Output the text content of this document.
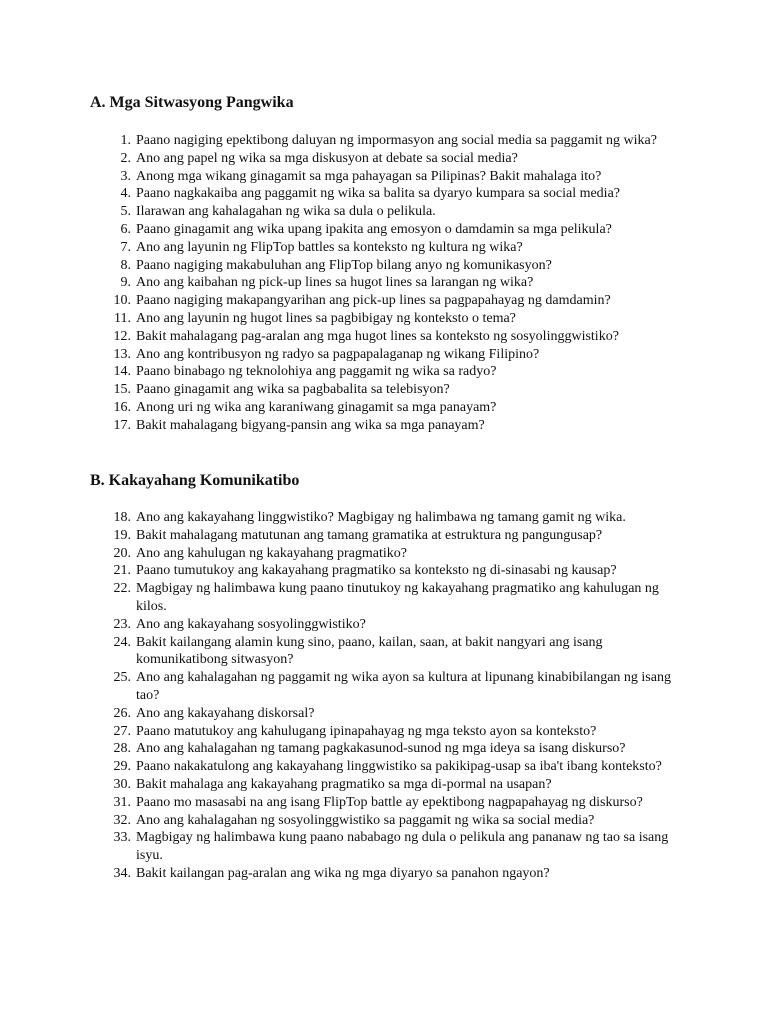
A. Mga Sitwasyong Pangwika
1. Paano nagiging epektibong daluyan ng impormasyon ang social media sa paggamit ng wika?
2. Ano ang papel ng wika sa mga diskusyon at debate sa social media?
3. Anong mga wikang ginagamit sa mga pahayagan sa Pilipinas? Bakit mahalaga ito?
4. Paano nagkakaiba ang paggamit ng wika sa balita sa dyaryo kumpara sa social media?
5. Ilarawan ang kahalagahan ng wika sa dula o pelikula.
6. Paano ginagamit ang wika upang ipakita ang emosyon o damdamin sa mga pelikula?
7. Ano ang layunin ng FlipTop battles sa konteksto ng kultura ng wika?
8. Paano nagiging makabuluhan ang FlipTop bilang anyo ng komunikasyon?
9. Ano ang kaibahan ng pick-up lines sa hugot lines sa larangan ng wika?
10. Paano nagiging makapangyarihan ang pick-up lines sa pagpapahayag ng damdamin?
11. Ano ang layunin ng hugot lines sa pagbibigay ng konteksto o tema?
12. Bakit mahalagang pag-aralan ang mga hugot lines sa konteksto ng sosyolinggwistiko?
13. Ano ang kontribusyon ng radyo sa pagpapalaganap ng wikang Filipino?
14. Paano binabago ng teknolohiya ang paggamit ng wika sa radyo?
15. Paano ginagamit ang wika sa pagbabalita sa telebisyon?
16. Anong uri ng wika ang karaniwang ginagamit sa mga panayam?
17. Bakit mahalagang bigyang-pansin ang wika sa mga panayam?
B. Kakayahang Komunikatibo
18. Ano ang kakayahang linggwistiko? Magbigay ng halimbawa ng tamang gamit ng wika.
19. Bakit mahalagang matutunan ang tamang gramatika at estruktura ng pangungusap?
20. Ano ang kahulugan ng kakayahang pragmatiko?
21. Paano tumutukoy ang kakayahang pragmatiko sa konteksto ng di-sinasabi ng kausap?
22. Magbigay ng halimbawa kung paano tinutukoy ng kakayahang pragmatiko ang kahulugan ng kilos.
23. Ano ang kakayahang sosyolinggwistiko?
24. Bakit kailangang alamin kung sino, paano, kailan, saan, at bakit nangyari ang isang komunikatibong sitwasyon?
25. Ano ang kahalagahan ng paggamit ng wika ayon sa kultura at lipunang kinabibilangan ng isang tao?
26. Ano ang kakayahang diskorsal?
27. Paano matutukoy ang kahulugang ipinapahayag ng mga teksto ayon sa konteksto?
28. Ano ang kahalagahan ng tamang pagkakasunod-sunod ng mga ideya sa isang diskurso?
29. Paano nakakatulong ang kakayahang linggwistiko sa pakikipag-usap sa iba't ibang konteksto?
30. Bakit mahalaga ang kakayahang pragmatiko sa mga di-pormal na usapan?
31. Paano mo masasabi na ang isang FlipTop battle ay epektibong nagpapahayag ng diskurso?
32. Ano ang kahalagahan ng sosyolinggwistiko sa paggamit ng wika sa social media?
33. Magbigay ng halimbawa kung paano nababago ng dula o pelikula ang pananaw ng tao sa isang isyu.
34. Bakit kailangan pag-aralan ang wika ng mga diyaryo sa panahon ngayon?
